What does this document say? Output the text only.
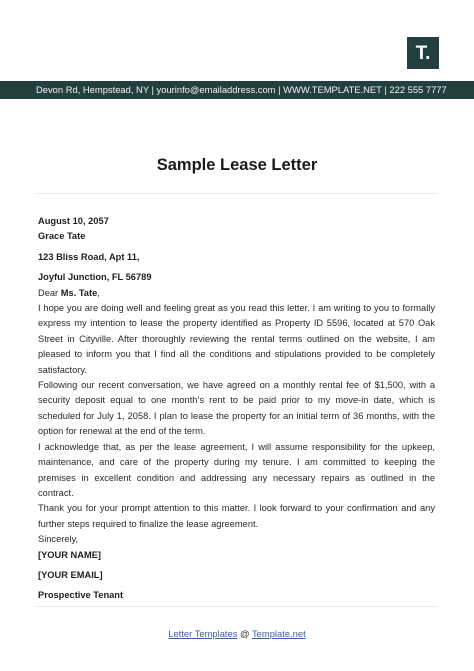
T.
Devon Rd, Hempstead, NY | yourinfo@emailaddress.com | WWW.TEMPLATE.NET | 222 555 7777
Sample Lease Letter

August 10, 2057

Grace Tate

123 Bliss Road, Apt 11,

Joyful Junction, FL 56789

Dear Ms. Tate,

I hope you are doing well and feeling great as you read this letter. I am writing to you to formally express my intention to lease the property identified as Property ID 5596, located at 570 Oak Street in Cityville. After thoroughly reviewing the rental terms outlined on the website, I am pleased to inform you that I find all the conditions and stipulations provided to be completely satisfactory.

Following our recent conversation, we have agreed on a monthly rental fee of $1,500, with a security deposit equal to one month’s rent to be paid prior to my move-in date, which is scheduled for July 1, 2058. I plan to lease the property for an initial term of 36 months, with the option for renewal at the end of the term.

I acknowledge that, as per the lease agreement, I will assume responsibility for the upkeep, maintenance, and care of the property during my tenure. I am committed to keeping the premises in excellent condition and addressing any necessary repairs as outlined in the contract.

Thank you for your prompt attention to this matter. I look forward to your confirmation and any further steps required to finalize the lease agreement.

Sincerely,

[YOUR NAME]

[YOUR EMAIL]

Prospective Tenant

Letter Templates @ Template.net
